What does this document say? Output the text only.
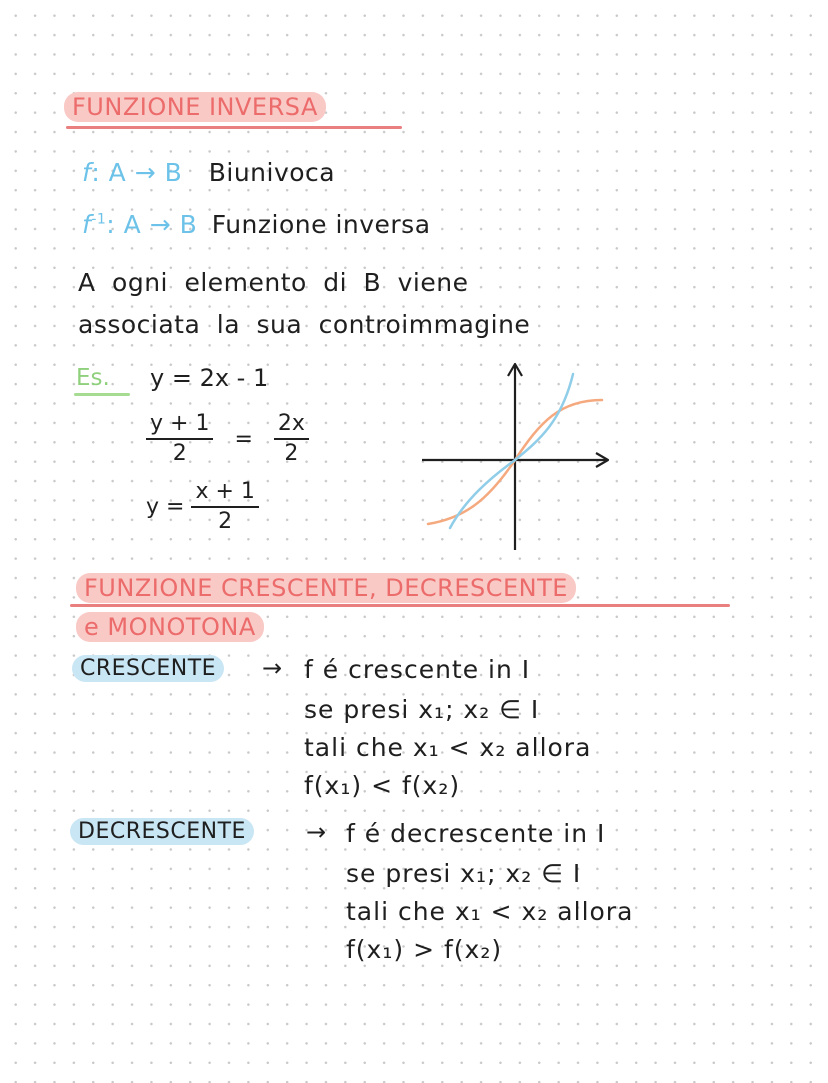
FUNZIONE INVERSA
f: A → B Biunivoca
$f^{-1}$: A → B Funzione inversa
A ogni elemento di B viene
associata la sua controimmagine
Es. y = 2x - 1
$\frac{y + 1}{2} = \frac{2x}{2}$
$y = \frac{x + 1}{2}$
FUNZIONE CRESCENTE, DECRESCENTE
e MONOTONA
CRESCENTE	→ f é crescente in I
se presi x₁; x₂ ∈ I
tali che x₁ < x₂ allora
f(x₁) < f(x₂)
DECRESCENTE	→ f é decrescente in I
se presi x₁; x₂ ∈ I
tali che x₁ < x₂ allora
f(x₁) > f(x₂)
